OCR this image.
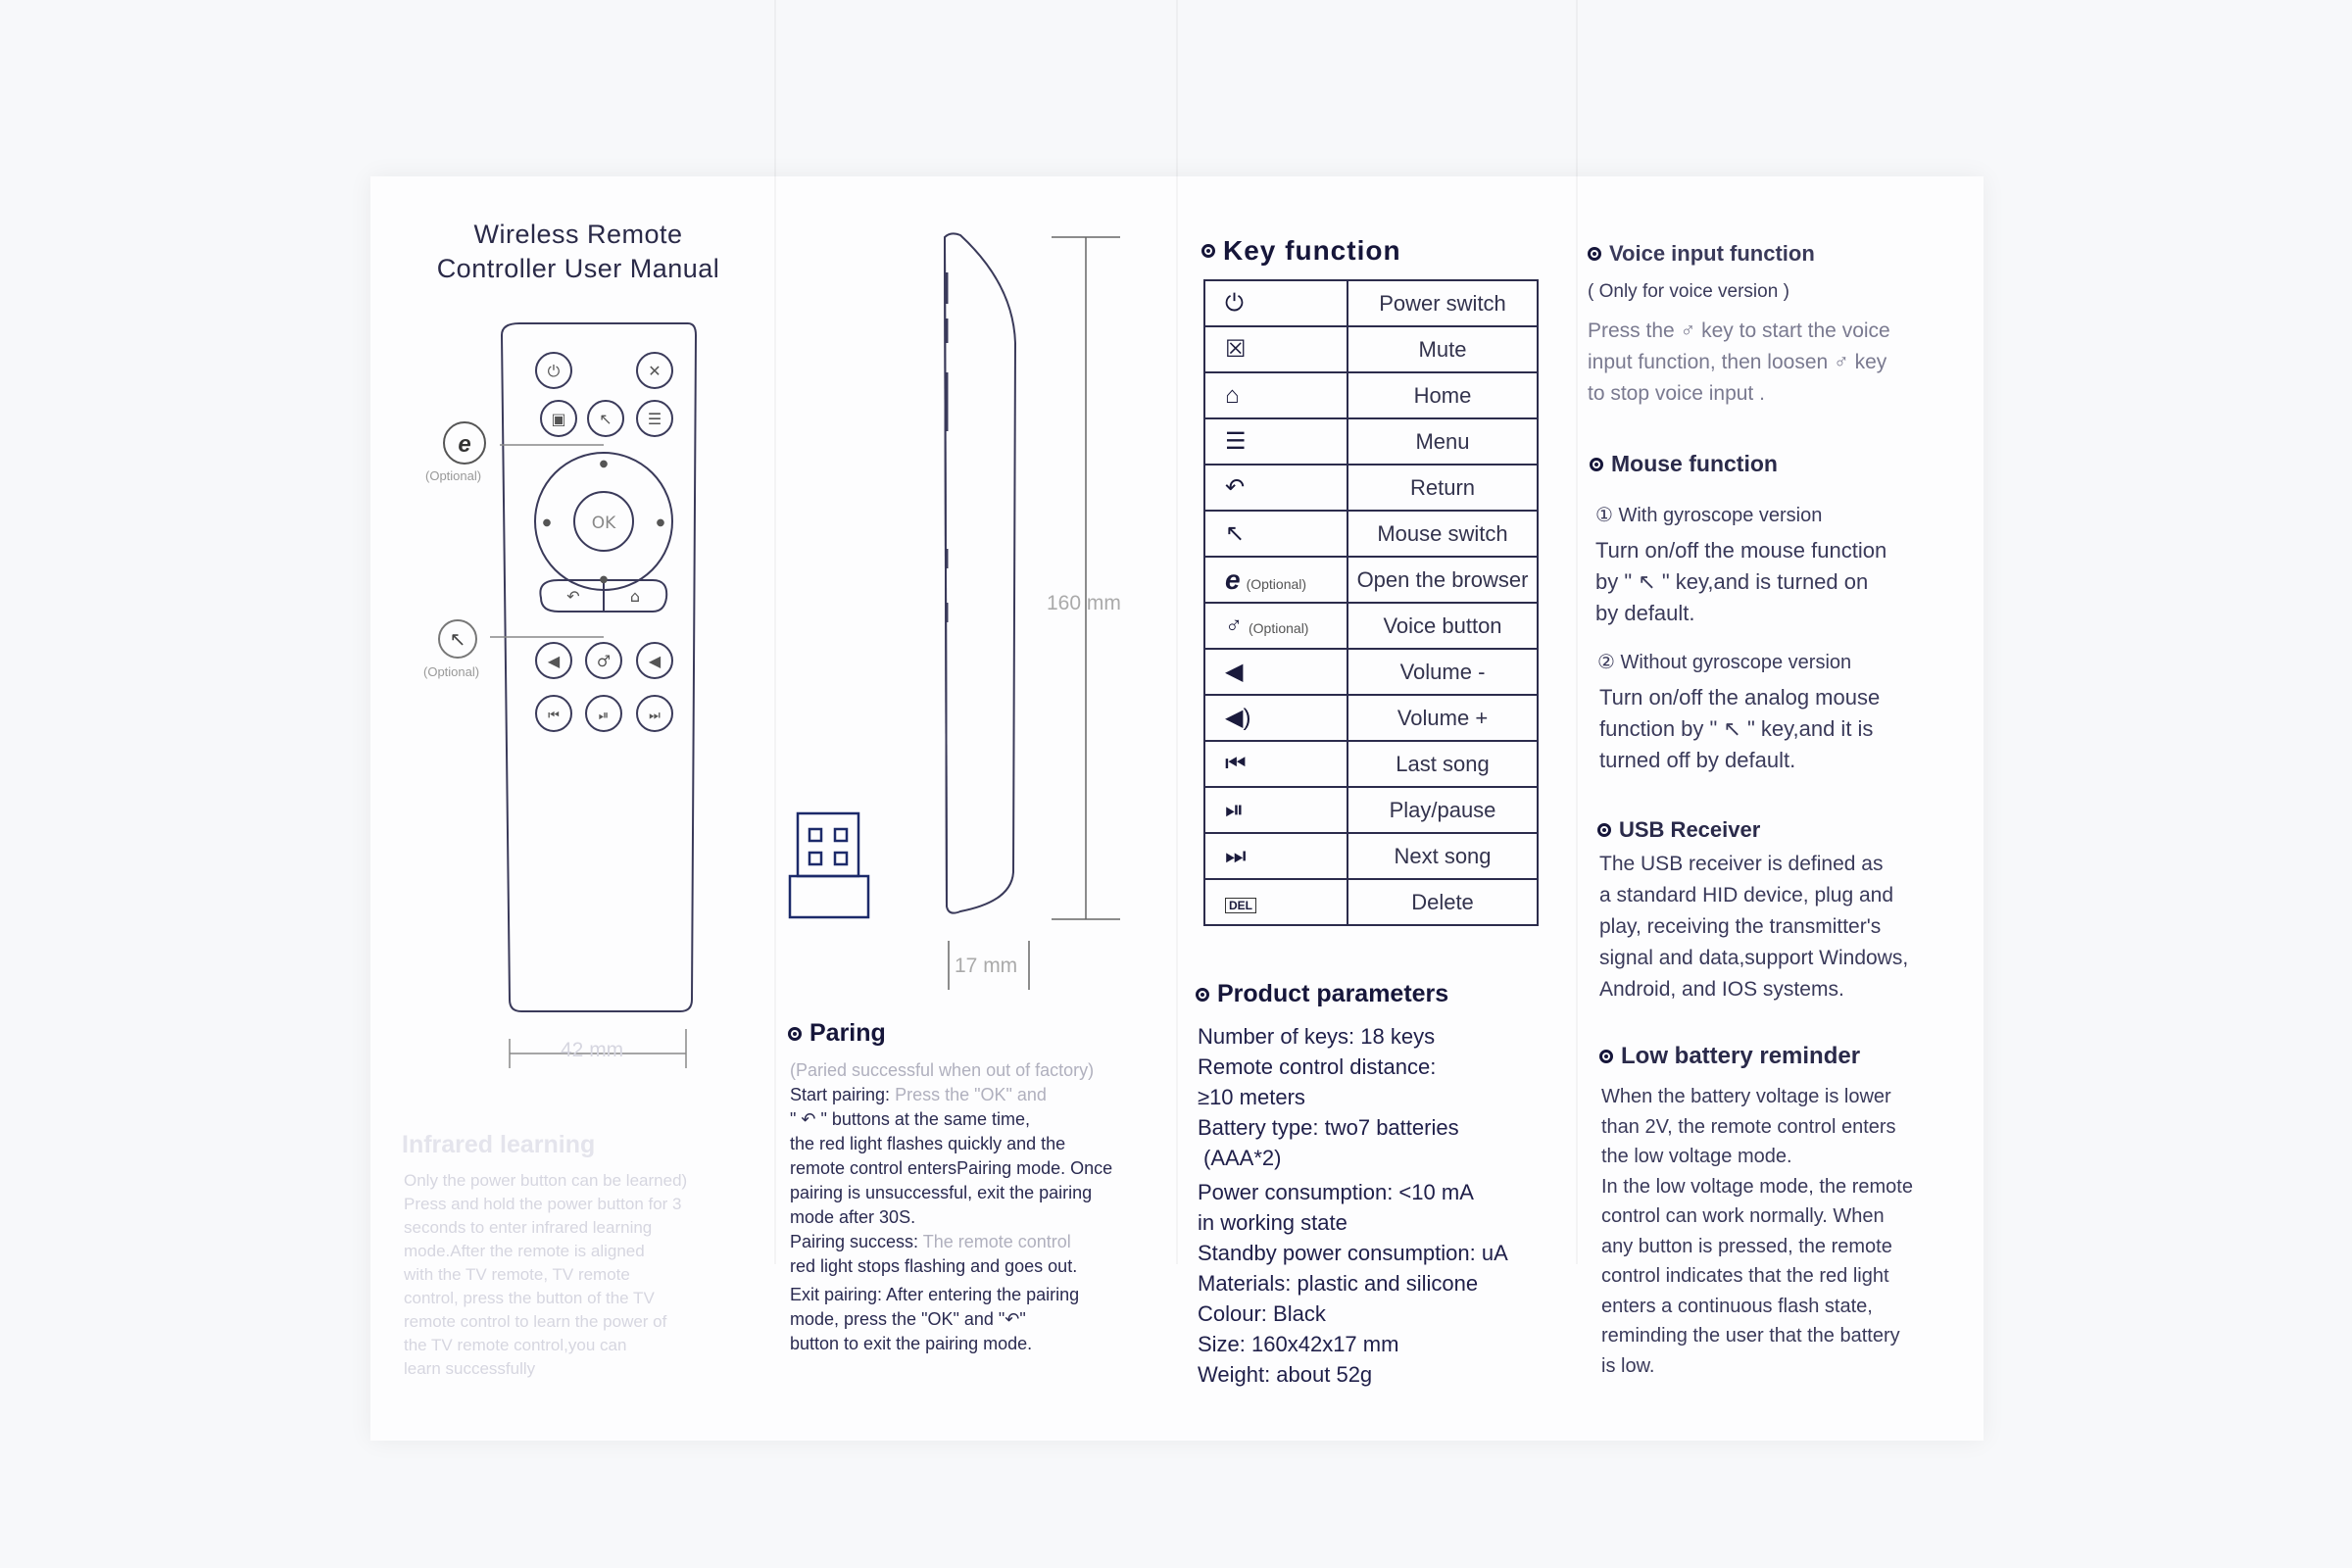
Wireless Remote
Controller User Manual
⏻	✕
▣ ↖ ☰
OK
●
●
●	●
↶	⌂
◀ ♂ ◀
⏮	⏯	⏭
e
(Optional)
↖
(Optional)
42 mm
Infrared learning
Only the power button can be learned)
Press and hold the power button for 3
seconds to enter infrared learning
mode.After the remote is aligned
with the TV remote, TV remote
control, press the button of the TV
remote control to learn the power of
the TV remote control,you can
learn successfully
160 mm
17 mm
Paring
(Paried successful when out of factory)
Start pairing: Press the "OK" and
" ↶ " buttons at the same time,
the red light flashes quickly and the
remote control entersPairing mode. Once
pairing is unsuccessful, exit the pairing
mode after 30S.
Pairing success: The remote control
red light stops flashing and goes out.
Exit pairing: After entering the pairing
mode, press the "OK" and "↶"
button to exit the pairing mode.
Key function
⏻	Power switch
☒	Mute
⌂	Home
☰	Menu
↶	Return
↖	Mouse switch
e (Optional)	Open the browser
♂ (Optional)	Voice button
◀	Volume -
◀)	Volume +
⏮	Last song
⏯	Play/pause
⏭	Next song
DEL	Delete
Product parameters
Number of keys: 18 keys
Remote control distance:
≥10 meters
Battery type: two7 batteries
(AAA*2)
Power consumption: <10 mA
in working state
Standby power consumption: uA
Materials: plastic and silicone
Colour: Black
Size: 160x42x17 mm
Weight: about 52g
Voice input function
( Only for voice version )
Press the ♂ key to start the voice
input function, then loosen ♂ key
to stop voice input .
Mouse function
① With gyroscope version
Turn on/off the mouse function
by " ↖ " key,and is turned on
by default.
② Without gyroscope version
Turn on/off the analog mouse
function by " ↖ " key,and it is
turned off by default.
USB Receiver
The USB receiver is defined as
a standard HID device, plug and
play, receiving the transmitter's
signal and data,support Windows,
Android, and IOS systems.
Low battery reminder
When the battery voltage is lower
than 2V, the remote control enters
the low voltage mode.
In the low voltage mode, the remote
control can work normally. When
any button is pressed, the remote
control indicates that the red light
enters a continuous flash state,
reminding the user that the battery
is low.
